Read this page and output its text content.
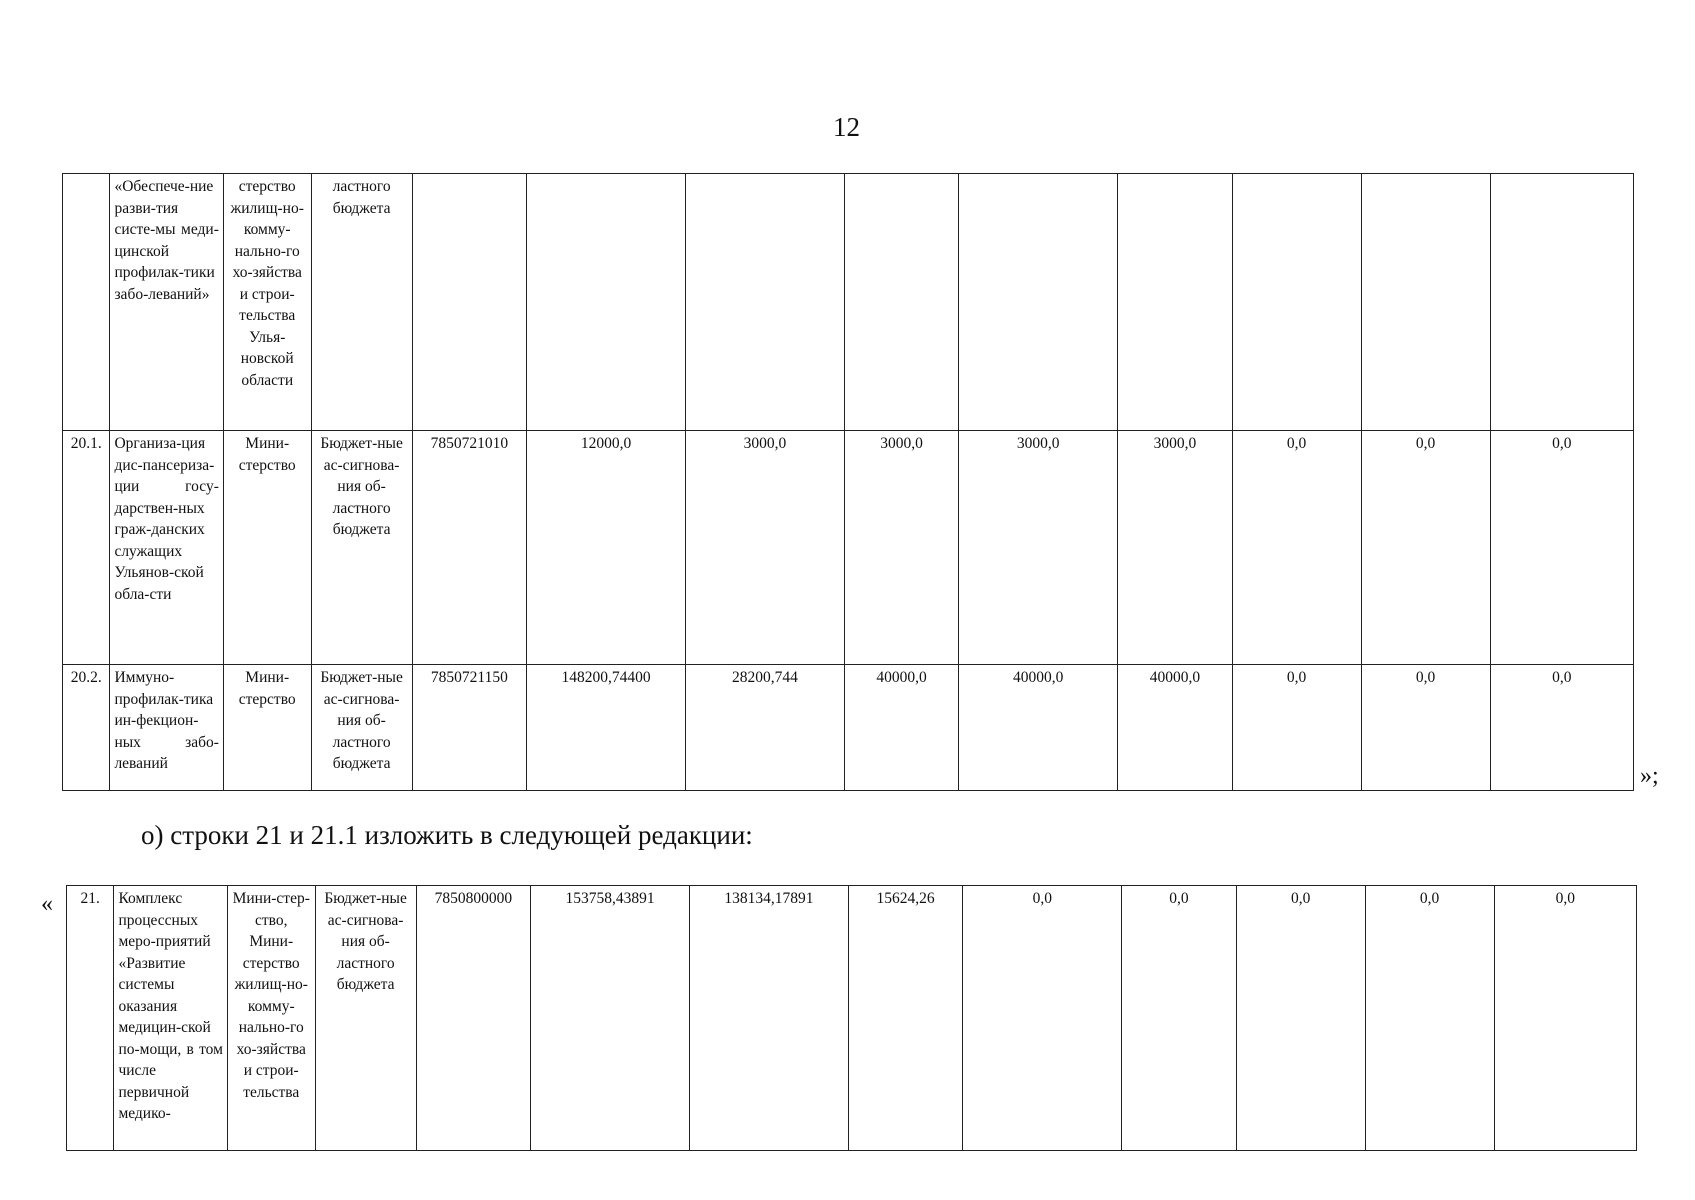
12
	«Обеспече-ние разви-тия систе-мы меди-цинской профилак-тики забо-леваний»	стерство жилищ-но-комму-нально-го хо-зяйства и строи-тельства Улья-новской области	ластного бюджета									
20.1.	Организа-ция дис-пансериза-ции госу-дарствен-ных граж-данских служащих Ульянов-ской обла-сти	Мини-стерство	Бюджет-ные ас-сигнова-ния об-ластного бюджета	7850721010	12000,0	3000,0	3000,0	3000,0	3000,0	0,0	0,0	0,0
20.2.	Иммуно-профилак-тика ин-фекцион-ных забо-леваний	Мини-стерство	Бюджет-ные ас-сигнова-ния об-ластного бюджета	7850721150	148200,74400	28200,744	40000,0	40000,0	40000,0	0,0	0,0	0,0
»;
о) строки 21 и 21.1 изложить в следующей редакции:
« 21.	Комплекс процессных меро-приятий «Развитие системы оказания медицин-ской по-мощи, в том числе первичной медико-	Мини-стер-ство, Мини-стерство жилищ-но-комму-нально-го хо-зяйства и строи-тельства	Бюджет-ные ас-сигнова-ния об-ластного бюджета	7850800000	153758,43891	138134,17891	15624,26	0,0	0,0	0,0	0,0	0,0
